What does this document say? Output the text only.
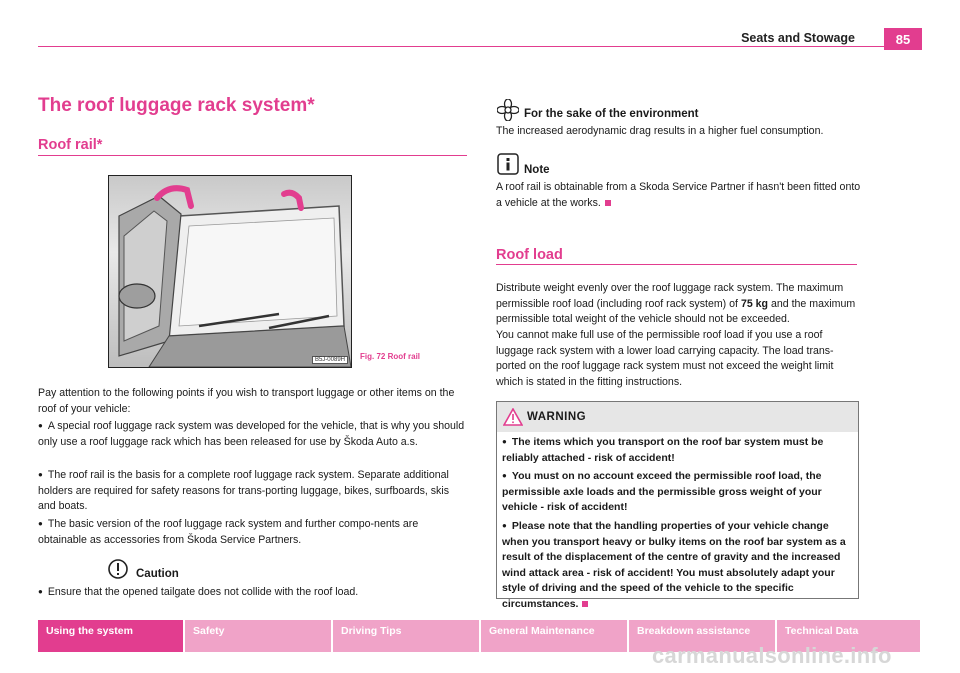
Seats and Stowage	85
The roof luggage rack system*
Roof rail*
B5J-0089H	Fig. 72 Roof rail
Pay attention to the following points if you wish to transport luggage or other items on the roof of your vehicle:
● A special roof luggage rack system was developed for the vehicle, that is why you should only use a roof luggage rack which has been released for use by Škoda Auto a.s.
● The roof rail is the basis for a complete roof luggage rack system. Separate additional holders are required for safety reasons for trans-porting luggage, bikes, surfboards, skis and boats.
● The basic version of the roof luggage rack system and further compo-nents are obtainable as accessories from Škoda Service Partners.
Caution
● Ensure that the opened tailgate does not collide with the roof load.
For the sake of the environment
The increased aerodynamic drag results in a higher fuel consumption.
Note
A roof rail is obtainable from a Skoda Service Partner if hasn't been fitted onto a vehicle at the works.
Roof load
Distribute weight evenly over the roof luggage rack system. The maximum permissible roof load (including roof rack system) of 75 kg and the maximum permissible total weight of the vehicle should not be exceeded.
You cannot make full use of the permissible roof load if you use a roof luggage rack system with a lower load carrying capacity. The load trans-ported on the roof luggage rack system must not exceed the weight limit which is stated in the fitting instructions.
WARNING

● The items which you transport on the roof bar system must be reliably attached - risk of accident!

● You must on no account exceed the permissible roof load, the permissible axle loads and the permissible gross weight of your vehicle - risk of accident!

● Please note that the handling properties of your vehicle change when you transport heavy or bulky items on the roof bar system as a result of the displacement of the centre of gravity and the increased wind attack area - risk of accident! You must absolutely adapt your style of driving and the speed of the vehicle to the specific circumstances.

Using the system	Safety	Driving Tips	General Maintenance	Breakdown assistance	Technical Data
carmanualsonline.info
